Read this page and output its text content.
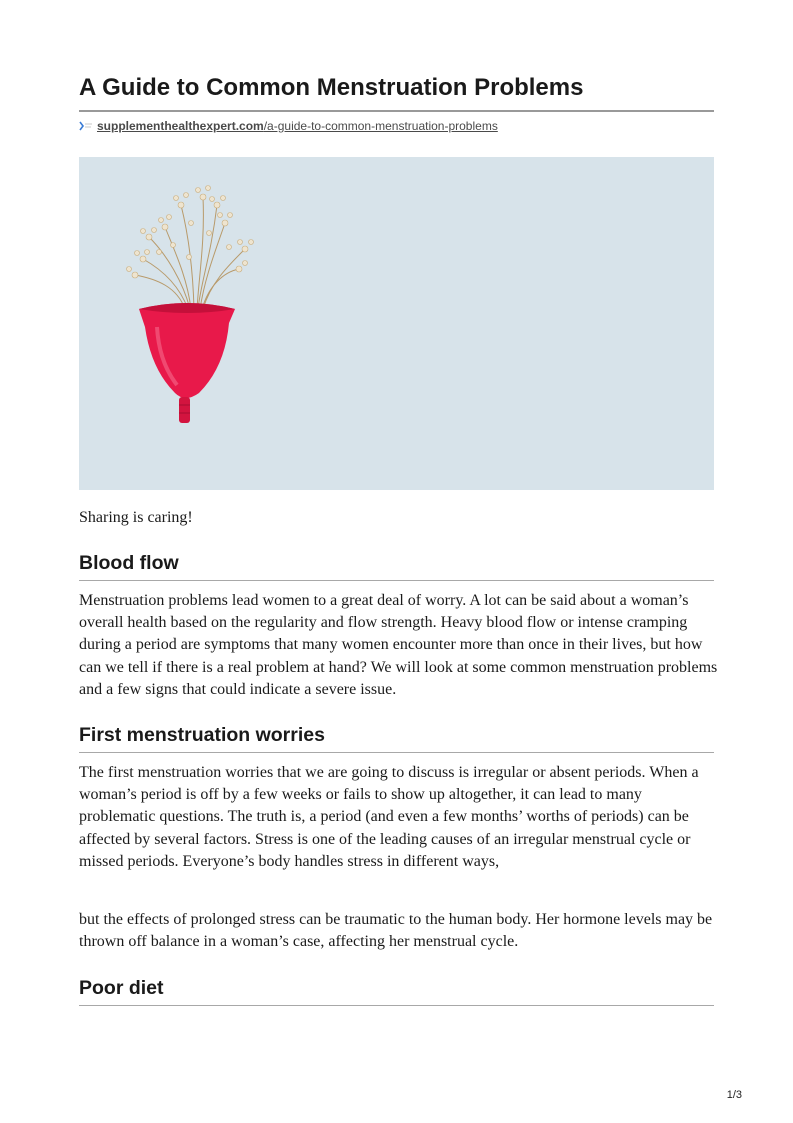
A Guide to Common Menstruation Problems
supplementhealthexpert.com/a-guide-to-common-menstruation-problems

Sharing is caring!

Blood flow

Menstruation problems lead women to a great deal of worry. A lot can be said about a woman’s overall health based on the regularity and flow strength. Heavy blood flow or intense cramping during a period are symptoms that many women encounter more than once in their lives, but how can we tell if there is a real problem at hand? We will look at some common menstruation problems and a few signs that could indicate a severe issue.

First menstruation worries

The first menstruation worries that we are going to discuss is irregular or absent periods. When a woman’s period is off by a few weeks or fails to show up altogether, it can lead to many problematic questions. The truth is, a period (and even a few months’ worths of periods) can be affected by several factors. Stress is one of the leading causes of an irregular menstrual cycle or missed periods. Everyone’s body handles stress in different ways,

but the effects of prolonged stress can be traumatic to the human body. Her hormone levels may be thrown off balance in a woman’s case, affecting her menstrual cycle.

Poor diet
1/3
